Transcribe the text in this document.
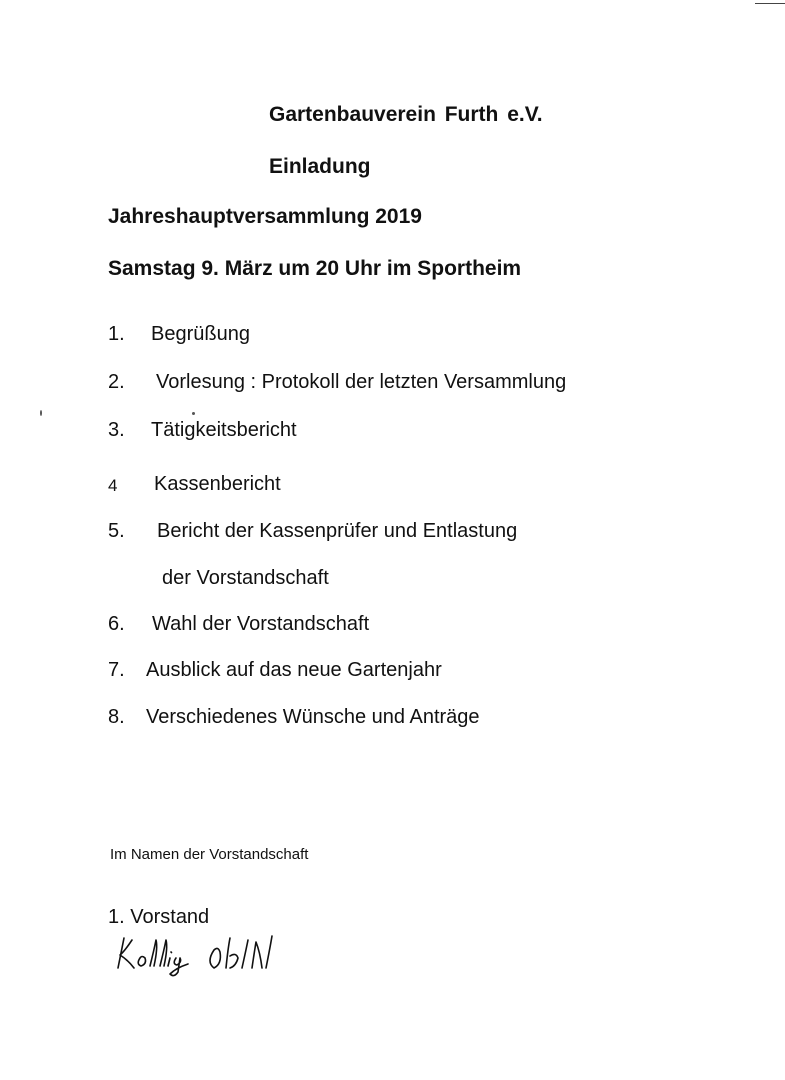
Gartenbauverein Furth e.V.
Einladung
Jahreshauptversammlung 2019
Samstag 9. März um 20 Uhr im Sportheim
1. Begrüßung
2. Vorlesung : Protokoll der letzten Versammlung
3. Tätigkeitsbericht
4 Kassenbericht
5. Bericht der Kassenprüfer und Entlastung
der Vorstandschaft
6. Wahl der Vorstandschaft
7. Ausblick auf das neue Gartenjahr
8. Verschiedenes Wünsche und Anträge
Im Namen der Vorstandschaft
1. Vorstand
